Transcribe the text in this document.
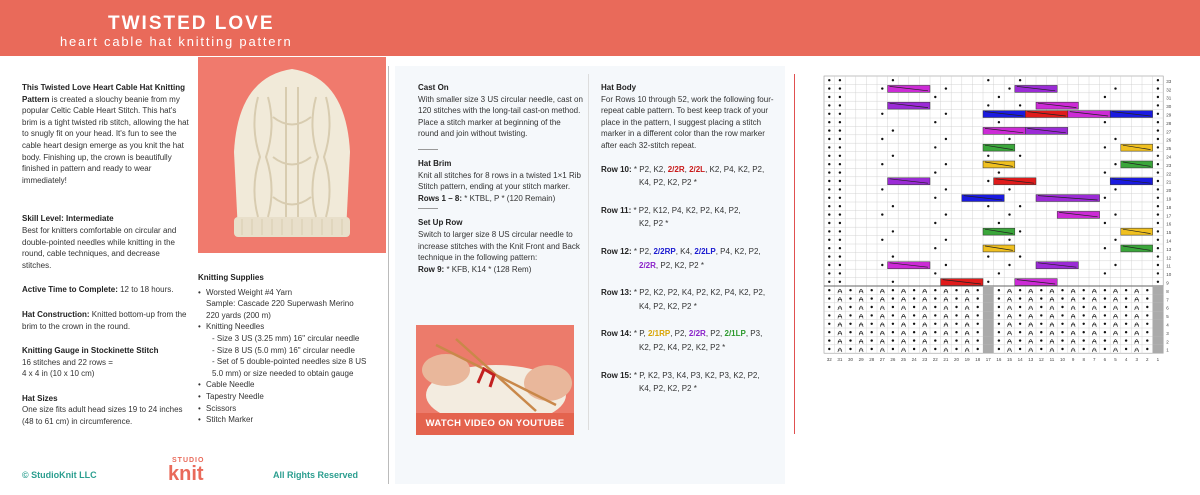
TWISTED LOVE
heart cable hat knitting pattern

This Twisted Love Heart Cable Hat Knitting Pattern is created a slouchy beanie from my popular Celtic Cable Heart Stitch. This hat's brim is a tight twisted rib stitch, allowing the hat to snugly fit on your head. It's fun to see the cable heart design emerge as you knit the hat body. Finishing up, the crown is beautifully finished in pattern and ready to wear immediately!

Skill Level: Intermediate
Best for knitters comfortable on circular and double-pointed needles while knitting in the round, cable techniques, and decrease stitches.

Active Time to Complete: 12 to 18 hours.

Hat Construction: Knitted bottom-up from the brim to the crown in the round.

Knitting Gauge in Stockinette Stitch
16 stitches and 22 rows =
4 x 4 in (10 x 10 cm)

Hat Sizes
One size fits adult head sizes 19 to 24 inches (48 to 61 cm) in circumference.

Knitting Supplies
• Worsted Weight #4 Yarn
Sample: Cascade 220 Superwash Merino
220 yards (200 m)
• Knitting Needles
- Size 3 US (3.25 mm) 16" circular needle
- Size 8 US (5.0 mm) 16" circular needle
- Set of 5 double-pointed needles size 8 US
5.0 mm) or size needed to obtain gauge
• Cable Needle
• Tapestry Needle
• Scissors
• Stitch Marker
Cast On

With smaller size 3 US circular needle, cast on 120 stitches with the long-tail cast-on method. Place a stitch marker at beginning of the round and join without twisting.

Hat Brim
Knit all stitches for 8 rows in a twisted 1×1 Rib Stitch pattern, ending at your stitch marker.
Rows 1 – 8: * KTBL, P * (120 Remain)
Set Up Row
Switch to larger size 8 US circular needle to increase stitches with the Knit Front and Back technique in the following pattern:
Row 9: * KFB, K14 * (128 Rem)
WATCH VIDEO ON YOUTUBE
Hat Body

For Rows 10 through 52, work the following four-repeat cable pattern. To best keep track of your place in the pattern, I suggest placing a stitch marker in a different color than the row marker after each 32-stitch repeat.

Row 10: * P2, K2, 2/2R, 2/2L, K2, P4, K2, P2,
K4, P2, K2, P2 *
Row 11: * P2, K12, P4, K2, P2, K4, P2,
K2, P2 *
Row 12: * P2, 2/2RP, K4, 2/2LP, P4, K2, P2,
2/2R, P2, K2, P2 *
Row 13: * P2, K2, P2, K4, P2, K2, P4, K2, P2,
K4, P2, K2, P2 *
Row 14: * P, 2/1RP, P2, 2/2R, P2, 2/1LP, P3,
K2, P2, K4, P2, K2, P2 *
Row 15: * P, K2, P3, K4, P3, K2, P3, K2, P2,
K4, P2, K2, P2 *
33
32
31
30
29
28
27
26
25
24
23
22
21
20
19
18
17
16
15
14
13
12
11
10
9
8
7
6
5
4
3
2
1
32 31 30 29 28 27 26 25 24 23 22 21 20 19 18 17 16 15 14 13 12 11 10 9 8 7 6 5 4 3 2 1
© StudioKnit LLC
STUDIO
knit	All Rights Reserved
